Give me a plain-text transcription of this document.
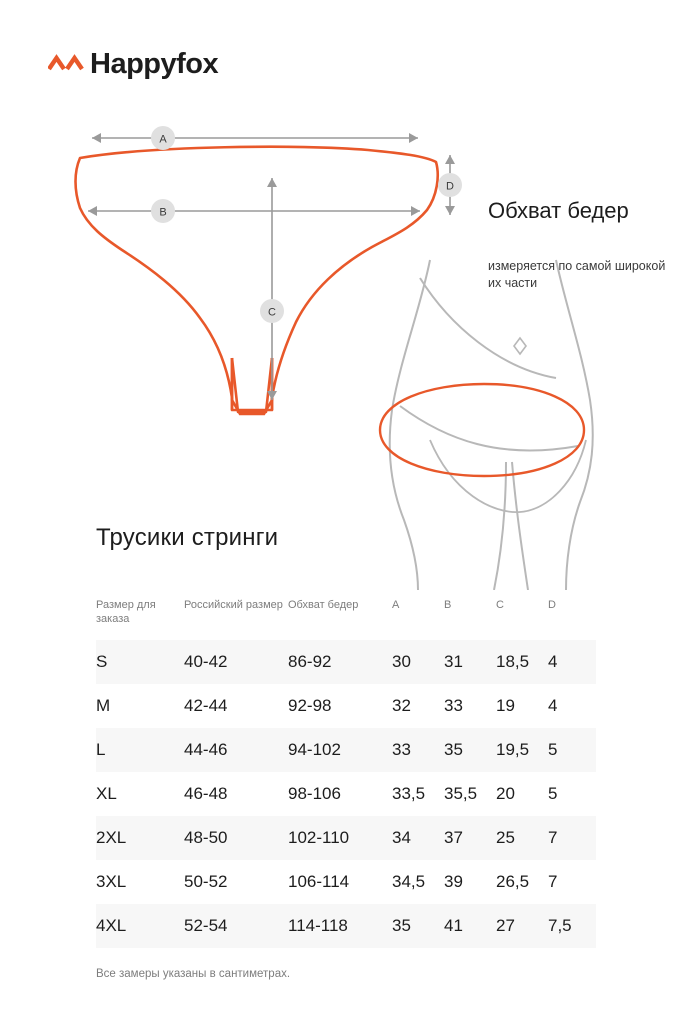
Happyfox
A
B
C
D
Обхват бедер
измеряется по самой широкой их части
Трусики стринги
Размер для заказа	Российский размер	Обхват бедер	A	B	C	D
S	40-42	86-92	30	31	18,5	4
M	42-44	92-98	32	33	19	4
L	44-46	94-102	33	35	19,5	5
XL	46-48	98-106	33,5	35,5	20	5
2XL	48-50	102-110	34	37	25	7
3XL	50-52	106-114	34,5	39	26,5	7
4XL	52-54	114-118	35	41	27	7,5
Все замеры указаны в сантиметрах.
